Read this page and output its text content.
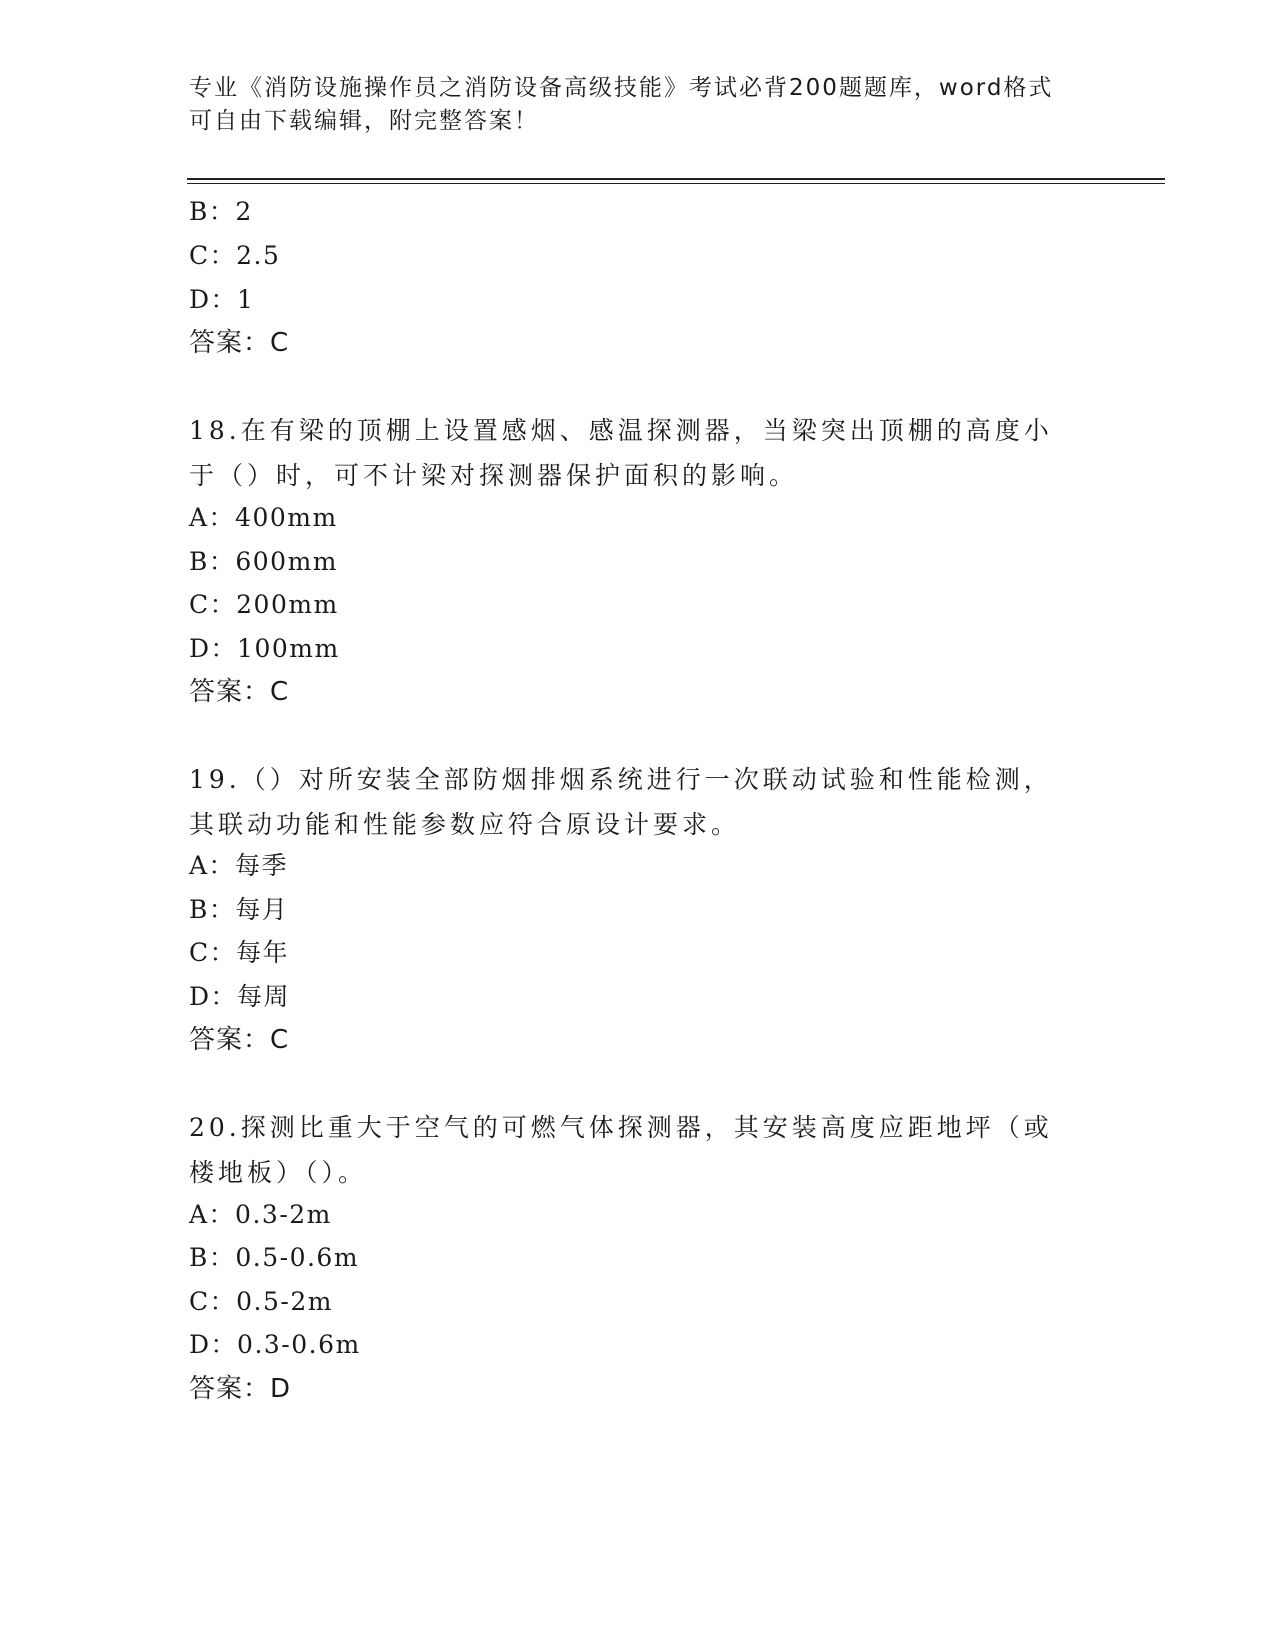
专业《消防设施操作员之消防设备高级技能》考试必背200题题库，word格式可自由下载编辑，附完整答案！
B：2
C：2.5
D：1
答案：C
18.在有梁的顶棚上设置感烟、感温探测器，当梁突出顶棚的高度小于（）时，可不计梁对探测器保护面积的影响。
A：400mm
B：600mm
C：200mm
D：100mm
答案：C
19.（）对所安装全部防烟排烟系统进行一次联动试验和性能检测，其联动功能和性能参数应符合原设计要求。
A：每季
B：每月
C：每年
D：每周
答案：C
20.探测比重大于空气的可燃气体探测器，其安装高度应距地坪（或楼地板）（）。
A：0.3-2m
B：0.5-0.6m
C：0.5-2m
D：0.3-0.6m
答案：D
